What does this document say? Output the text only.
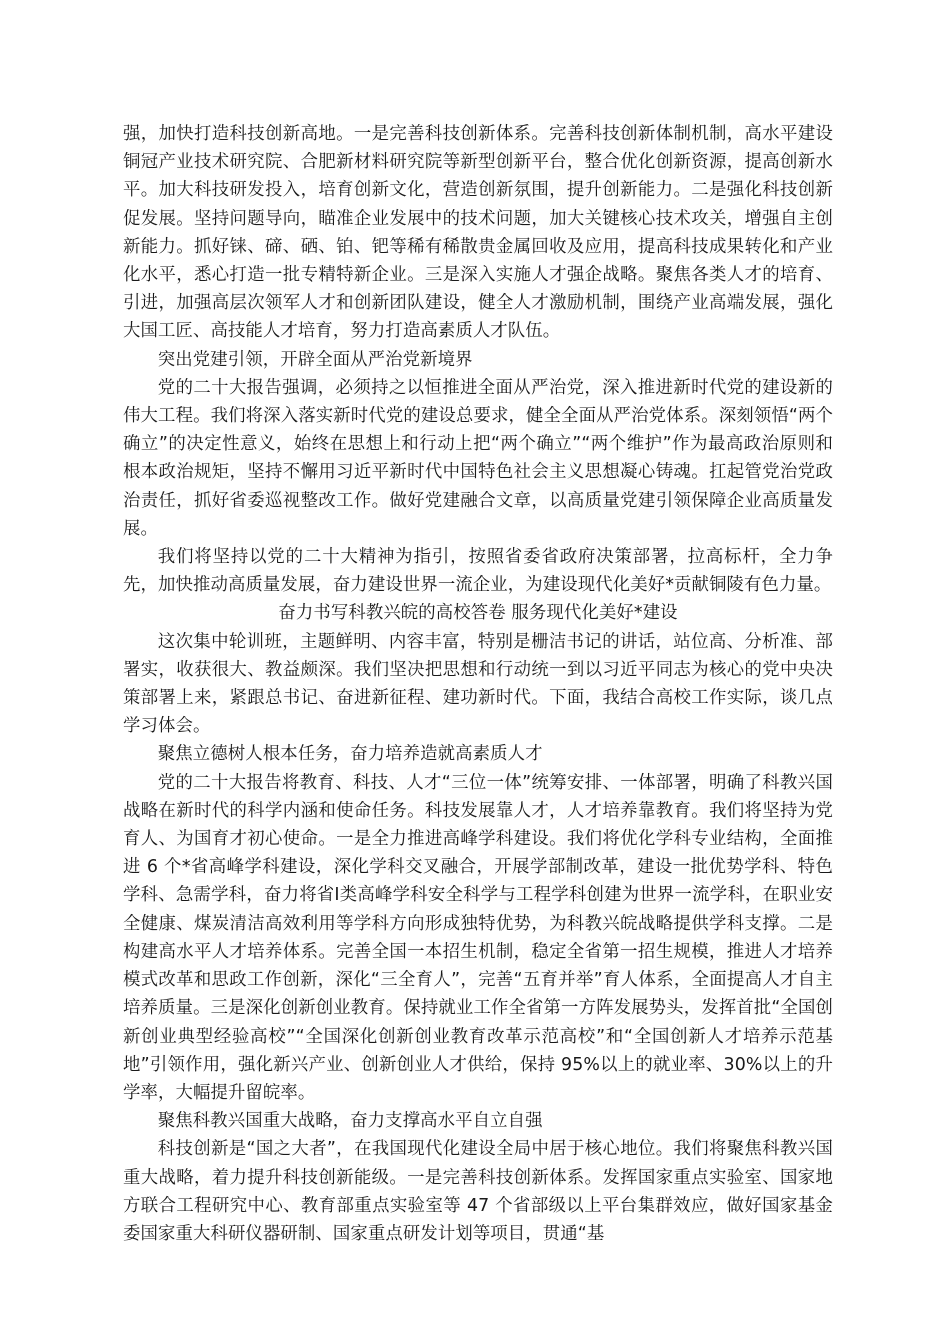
强，加快打造科技创新高地。一是完善科技创新体系。完善科技创新体制机制，高水平建设铜冠产业技术研究院、合肥新材料研究院等新型创新平台，整合优化创新资源，提高创新水平。加大科技研发投入，培育创新文化，营造创新氛围，提升创新能力。二是强化科技创新促发展。坚持问题导向，瞄准企业发展中的技术问题，加大关键核心技术攻关，增强自主创新能力。抓好铼、碲、硒、铂、钯等稀有稀散贵金属回收及应用，提高科技成果转化和产业化水平，悉心打造一批专精特新企业。三是深入实施人才强企战略。聚焦各类人才的培育、引进，加强高层次领军人才和创新团队建设，健全人才激励机制，围绕产业高端发展，强化大国工匠、高技能人才培育，努力打造高素质人才队伍。

突出党建引领，开辟全面从严治党新境界

党的二十大报告强调，必须持之以恒推进全面从严治党，深入推进新时代党的建设新的伟大工程。我们将深入落实新时代党的建设总要求，健全全面从严治党体系。深刻领悟“两个确立”的决定性意义，始终在思想上和行动上把“两个确立”“两个维护”作为最高政治原则和根本政治规矩，坚持不懈用习近平新时代中国特色社会主义思想凝心铸魂。扛起管党治党政治责任，抓好省委巡视整改工作。做好党建融合文章，以高质量党建引领保障企业高质量发展。

我们将坚持以党的二十大精神为指引，按照省委省政府决策部署，拉高标杆，全力争先，加快推动高质量发展，奋力建设世界一流企业，为建设现代化美好*贡献铜陵有色力量。

奋力书写科教兴皖的高校答卷 服务现代化美好*建设

这次集中轮训班，主题鲜明、内容丰富，特别是栅洁书记的讲话，站位高、分析准、部署实，收获很大、教益颇深。我们坚决把思想和行动统一到以习近平同志为核心的党中央决策部署上来，紧跟总书记、奋进新征程、建功新时代。下面，我结合高校工作实际，谈几点学习体会。

聚焦立德树人根本任务，奋力培养造就高素质人才

党的二十大报告将教育、科技、人才“三位一体”统筹安排、一体部署，明确了科教兴国战略在新时代的科学内涵和使命任务。科技发展靠人才，人才培养靠教育。我们将坚持为党育人、为国育才初心使命。一是全力推进高峰学科建设。我们将优化学科专业结构，全面推进 6 个*省高峰学科建设，深化学科交叉融合，开展学部制改革，建设一批优势学科、特色学科、急需学科，奋力将省Ⅰ类高峰学科安全科学与工程学科创建为世界一流学科，在职业安全健康、煤炭清洁高效利用等学科方向形成独特优势，为科教兴皖战略提供学科支撑。二是构建高水平人才培养体系。完善全国一本招生机制，稳定全省第一招生规模，推进人才培养模式改革和思政工作创新，深化“三全育人”，完善“五育并举”育人体系，全面提高人才自主培养质量。三是深化创新创业教育。保持就业工作全省第一方阵发展势头，发挥首批“全国创新创业典型经验高校”“全国深化创新创业教育改革示范高校”和“全国创新人才培养示范基地”引领作用，强化新兴产业、创新创业人才供给，保持 95%以上的就业率、30%以上的升学率，大幅提升留皖率。

聚焦科教兴国重大战略，奋力支撑高水平自立自强

科技创新是“国之大者”，在我国现代化建设全局中居于核心地位。我们将聚焦科教兴国重大战略，着力提升科技创新能级。一是完善科技创新体系。发挥国家重点实验室、国家地方联合工程研究中心、教育部重点实验室等 47 个省部级以上平台集群效应，做好国家基金委国家重大科研仪器研制、国家重点研发计划等项目，贯通“基
